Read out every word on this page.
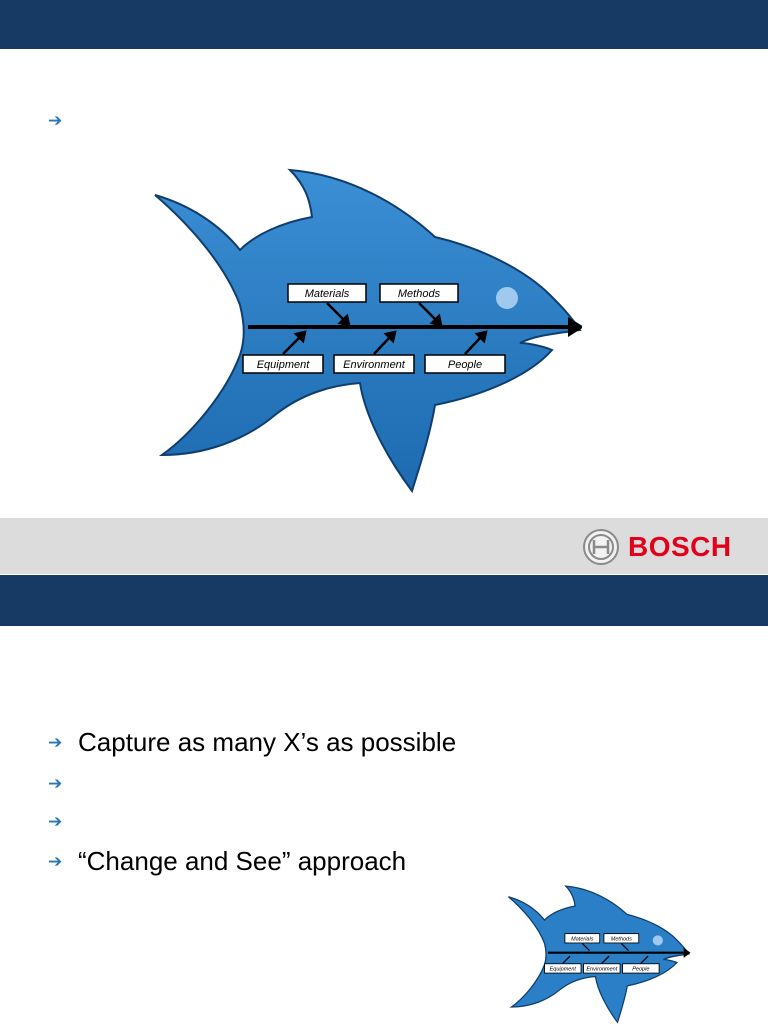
➔
Materials	Methods
Equipment	Environment	People
BOSCH
➔ Capture as many X’s as possible
➔
➔
➔ “Change and See” approach
Materials Methods
Equipment Environment People
